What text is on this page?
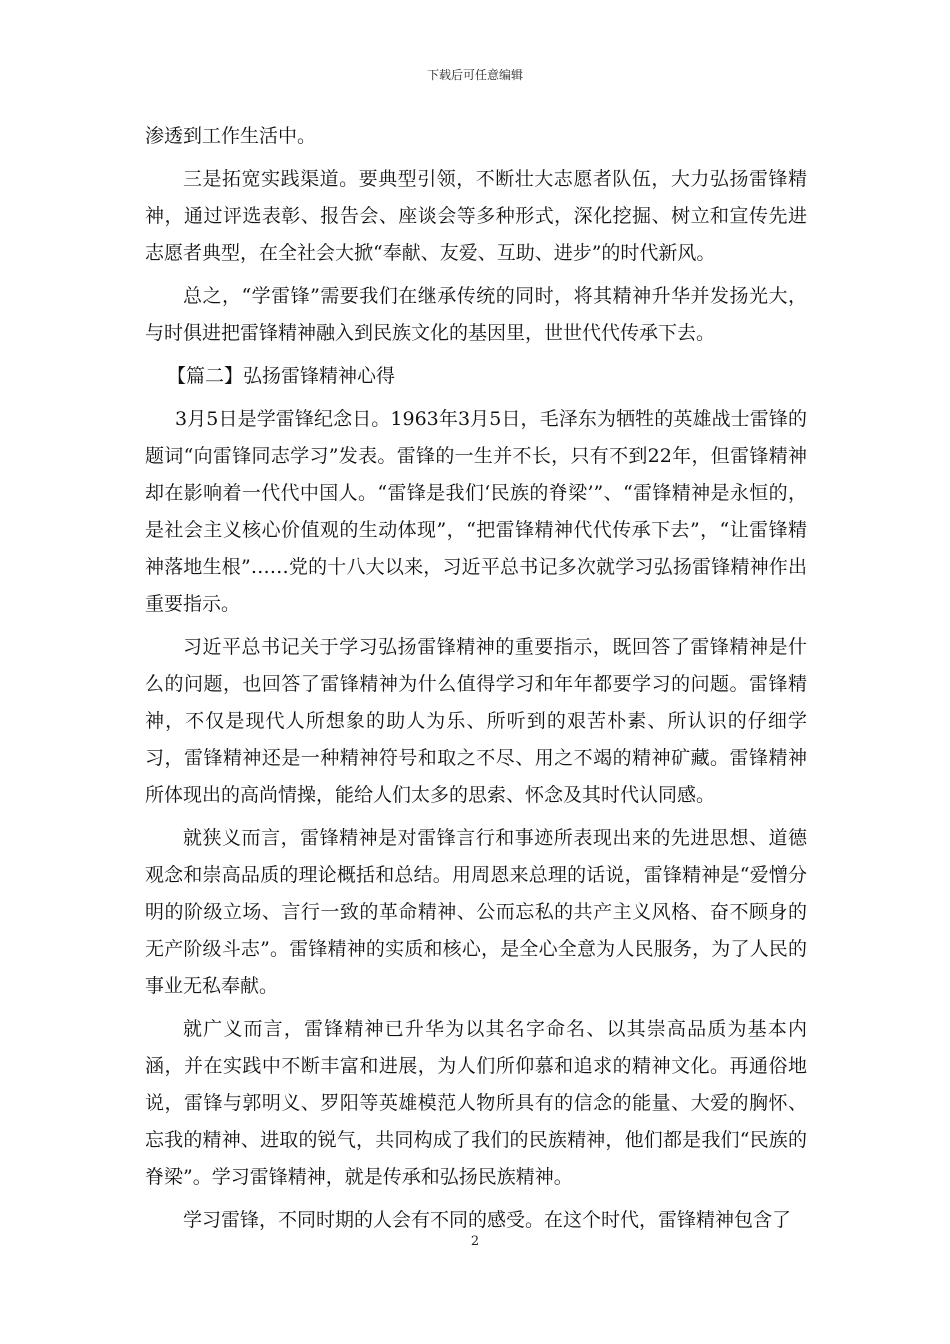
下载后可任意编辑

渗透到工作生活中。

三是拓宽实践渠道。要典型引领，不断壮大志愿者队伍，大力弘扬雷锋精神，通过评选表彰、报告会、座谈会等多种形式，深化挖掘、树立和宣传先进志愿者典型，在全社会大掀“奉献、友爱、互助、进步”的时代新风。

总之，“学雷锋”需要我们在继承传统的同时，将其精神升华并发扬光大，与时俱进把雷锋精神融入到民族文化的基因里，世世代代传承下去。

【篇二】弘扬雷锋精神心得

3月5日是学雷锋纪念日。1963年3月5日，毛泽东为牺牲的英雄战士雷锋的题词“向雷锋同志学习”发表。雷锋的一生并不长，只有不到22年，但雷锋精神却在影响着一代代中国人。“雷锋是我们‘民族的脊梁’”、“雷锋精神是永恒的，是社会主义核心价值观的生动体现”，“把雷锋精神代代传承下去”，“让雷锋精神落地生根”……党的十八大以来，习近平总书记多次就学习弘扬雷锋精神作出重要指示。

习近平总书记关于学习弘扬雷锋精神的重要指示，既回答了雷锋精神是什么的问题，也回答了雷锋精神为什么值得学习和年年都要学习的问题。雷锋精神，不仅是现代人所想象的助人为乐、所听到的艰苦朴素、所认识的仔细学习，雷锋精神还是一种精神符号和取之不尽、用之不竭的精神矿藏。雷锋精神所体现出的高尚情操，能给人们太多的思索、怀念及其时代认同感。

就狭义而言，雷锋精神是对雷锋言行和事迹所表现出来的先进思想、道德观念和崇高品质的理论概括和总结。用周恩来总理的话说，雷锋精神是“爱憎分明的阶级立场、言行一致的革命精神、公而忘私的共产主义风格、奋不顾身的无产阶级斗志”。雷锋精神的实质和核心，是全心全意为人民服务，为了人民的事业无私奉献。

就广义而言，雷锋精神已升华为以其名字命名、以其崇高品质为基本内涵，并在实践中不断丰富和进展，为人们所仰慕和追求的精神文化。再通俗地说，雷锋与郭明义、罗阳等英雄模范人物所具有的信念的能量、大爱的胸怀、忘我的精神、进取的锐气，共同构成了我们的民族精神，他们都是我们“民族的脊梁”。学习雷锋精神，就是传承和弘扬民族精神。

学习雷锋，不同时期的人会有不同的感受。在这个时代，雷锋精神包含了

2
